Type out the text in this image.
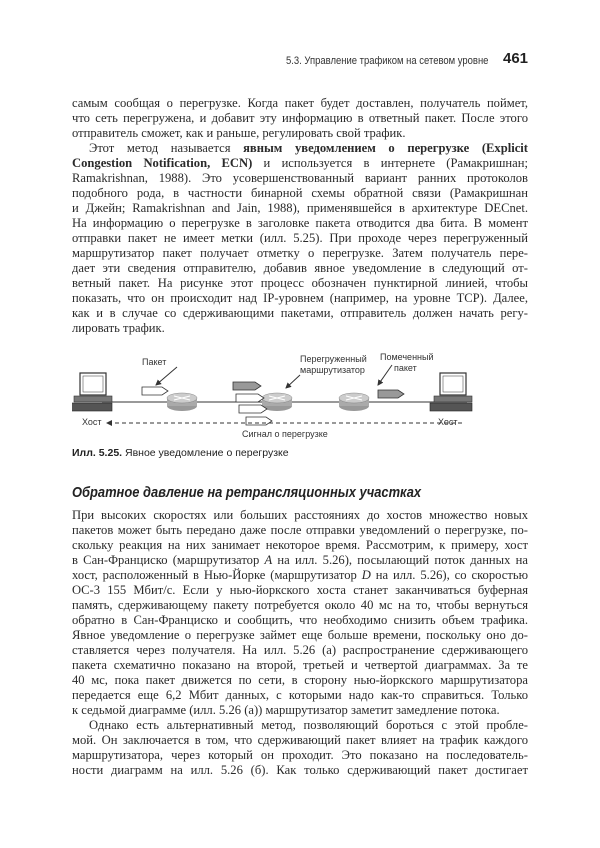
5.3. Управление трафиком на сетевом уровне 461
самым сообщая о перегрузке. Когда пакет будет доставлен, получатель поймет,
что сеть перегружена, и добавит эту информацию в ответный пакет. После этого
отправитель сможет, как и раньше, регулировать свой трафик.
Этот метод называется явным уведомлением о перегрузке (Explicit
Congestion Notification, ECN) и используется в интернете (Рамакришнан;
Ramakrishnan, 1988). Это усовершенствованный вариант ранних протоколов
подобного рода, в частности бинарной схемы обратной связи (Рамакришнан
и Джейн; Ramakrishnan and Jain, 1988), применявшейся в архитектуре DECnet.
На информацию о перегрузке в заголовке пакета отводится два бита. В момент
отправки пакет не имеет метки (илл. 5.25). При проходе через перегруженный
маршрутизатор пакет получает отметку о перегрузке. Затем получатель пере-
дает эти сведения отправителю, добавив явное уведомление в следующий от-
ветный пакет. На рисунке этот процесс обозначен пунктирной линией, чтобы
показать, что он происходит над IP-уровнем (например, на уровне TCP). Далее,
как и в случае со сдерживающими пакетами, отправитель должен начать регу-
лировать трафик.
Пакет	Перегруженный
маршрутизатор
Помеченный
пакет
Хост	Хост
Сигнал о перегрузке
Илл. 5.25. Явное уведомление о перегрузке
Обратное давление на ретрансляционных участках
При высоких скоростях или больших расстояниях до хостов множество новых
пакетов может быть передано даже после отправки уведомлений о перегрузке, по-
скольку реакция на них занимает некоторое время. Рассмотрим, к примеру, хост
в Сан-Франциско (маршрутизатор A на илл. 5.26), посылающий поток данных на
хост, расположенный в Нью-Йорке (маршрутизатор D на илл. 5.26), со скоростью
OC-3 155 Мбит/с. Если у нью-йоркского хоста станет заканчиваться буферная
память, сдерживающему пакету потребуется около 40 мс на то, чтобы вернуться
обратно в Сан-Франциско и сообщить, что необходимо снизить объем трафика.
Явное уведомление о перегрузке займет еще больше времени, поскольку оно до-
ставляется через получателя. На илл. 5.26 (а) распространение сдерживающего
пакета схематично показано на второй, третьей и четвертой диаграммах. За те
40 мс, пока пакет движется по сети, в сторону нью-йоркского маршрутизатора
передается еще 6,2 Мбит данных, с которыми надо как-то справиться. Только
к седьмой диаграмме (илл. 5.26 (а)) маршрутизатор заметит замедление потока.
Однако есть альтернативный метод, позволяющий бороться с этой пробле-
мой. Он заключается в том, что сдерживающий пакет влияет на трафик каждого
маршрутизатора, через который он проходит. Это показано на последователь-
ности диаграмм на илл. 5.26 (б). Как только сдерживающий пакет достигает
